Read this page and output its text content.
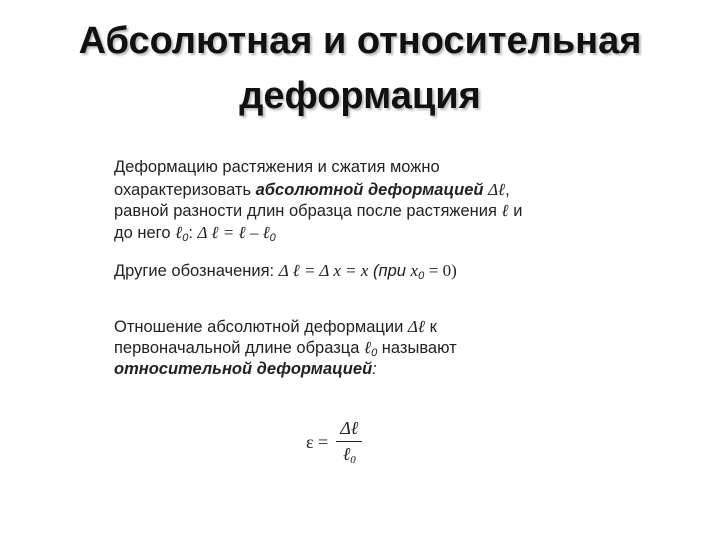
Абсолютная и относительная
деформация
Деформацию растяжения и сжатия можно
охарактеризовать абсолютной деформацией Δℓ,
равной разности длин образца после растяжения ℓ и
до него ℓ$_0$: Δ ℓ = ℓ – ℓ$_0$
Другие обозначения: Δ ℓ = Δ x = x (при $x_0 = 0$)
Отношение абсолютной деформации Δℓ к
первоначальной длине образца ℓ$_0$ называют
относительной деформацией:
$\varepsilon = \frac{\text{Δℓ}}{\ell_0}$
